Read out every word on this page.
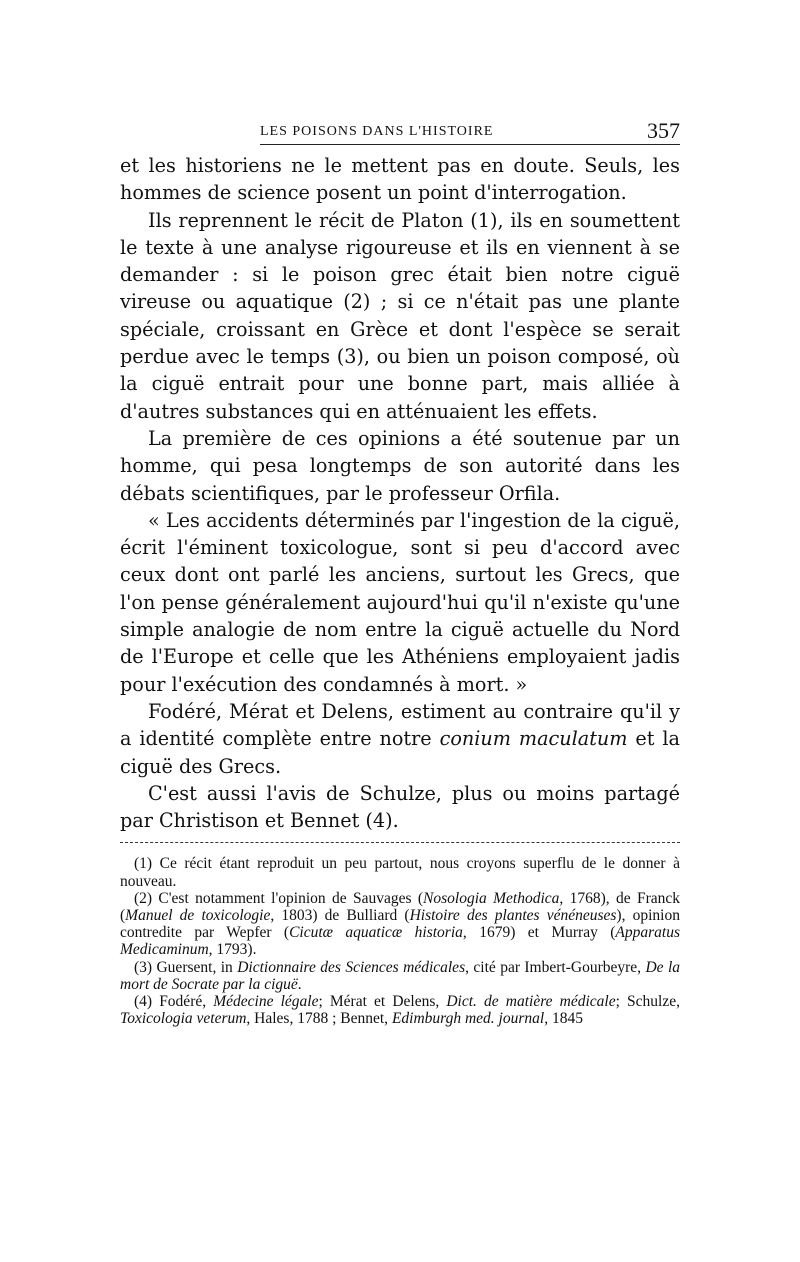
LES POISONS DANS L'HISTOIRE	357

et les historiens ne le mettent pas en doute. Seuls, les hommes de science posent un point d'interrogation.

Ils reprennent le récit de Platon (1), ils en soumettent le texte à une analyse rigoureuse et ils en viennent à se demander : si le poison grec était bien notre ciguë vireuse ou aquatique (2) ; si ce n'était pas une plante spéciale, croissant en Grèce et dont l'espèce se serait perdue avec le temps (3), ou bien un poison composé, où la ciguë entrait pour une bonne part, mais alliée à d'autres substances qui en atténuaient les effets.

La première de ces opinions a été soutenue par un homme, qui pesa longtemps de son autorité dans les débats scientifiques, par le professeur Orfila.

« Les accidents déterminés par l'ingestion de la ciguë, écrit l'éminent toxicologue, sont si peu d'accord avec ceux dont ont parlé les anciens, surtout les Grecs, que l'on pense généralement aujourd'hui qu'il n'existe qu'une simple analogie de nom entre la ciguë actuelle du Nord de l'Europe et celle que les Athéniens employaient jadis pour l'exécution des condamnés à mort. »

Fodéré, Mérat et Delens, estiment au contraire qu'il y a identité complète entre notre conium maculatum et la ciguë des Grecs.

C'est aussi l'avis de Schulze, plus ou moins partagé par Christison et Bennet (4).

(1) Ce récit étant reproduit un peu partout, nous croyons superflu de le donner à nouveau.

(2) C'est notamment l'opinion de Sauvages (Nosologia Methodica, 1768), de Franck (Manuel de toxicologie, 1803) de Bulliard (Histoire des plantes vénéneuses), opinion contredite par Wepfer (Cicutæ aquaticæ historia, 1679) et Murray (Apparatus Medicaminum, 1793).

(3) Guersent, in Dictionnaire des Sciences médicales, cité par Imbert-Gourbeyre, De la mort de Socrate par la ciguë.

(4) Fodéré, Médecine légale; Mérat et Delens, Dict. de matière médicale; Schulze, Toxicologia veterum, Hales, 1788 ; Bennet, Edimburgh med. journal, 1845
